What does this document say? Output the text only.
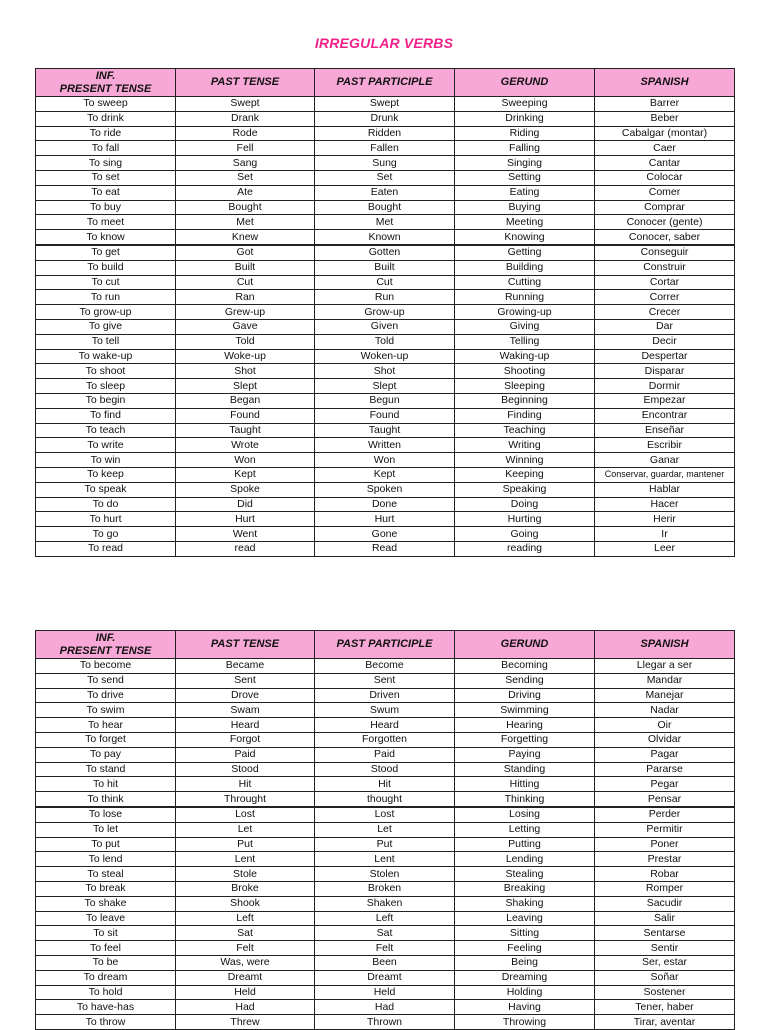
IRREGULAR VERBS
INF.
PRESENT TENSE	PAST TENSE	PAST PARTICIPLE	GERUND	SPANISH
To sweep	Swept	Swept	Sweeping	Barrer
To drink	Drank	Drunk	Drinking	Beber
To ride	Rode	Ridden	Riding	Cabalgar (montar)
To fall	Fell	Fallen	Falling	Caer
To sing	Sang	Sung	Singing	Cantar
To set	Set	Set	Setting	Colocar
To eat	Ate	Eaten	Eating	Comer
To buy	Bought	Bought	Buying	Comprar
To meet	Met	Met	Meeting	Conocer (gente)
To know	Knew	Known	Knowing	Conocer, saber
To get	Got	Gotten	Getting	Conseguir
To build	Built	Built	Building	Construir
To cut	Cut	Cut	Cutting	Cortar
To run	Ran	Run	Running	Correr
To grow-up	Grew-up	Grow-up	Growing-up	Crecer
To give	Gave	Given	Giving	Dar
To tell	Told	Told	Telling	Decir
To wake-up	Woke-up	Woken-up	Waking-up	Despertar
To shoot	Shot	Shot	Shooting	Disparar
To sleep	Slept	Slept	Sleeping	Dormir
To begin	Began	Begun	Beginning	Empezar
To find	Found	Found	Finding	Encontrar
To teach	Taught	Taught	Teaching	Enseñar
To write	Wrote	Written	Writing	Escribir
To win	Won	Won	Winning	Ganar
To keep	Kept	Kept	Keeping	Conservar, guardar, mantener
To speak	Spoke	Spoken	Speaking	Hablar
To do	Did	Done	Doing	Hacer
To hurt	Hurt	Hurt	Hurting	Herir
To go	Went	Gone	Going	Ir
To read	read	Read	reading	Leer
INF.
PRESENT TENSE	PAST TENSE	PAST PARTICIPLE	GERUND	SPANISH
To become	Became	Become	Becoming	Llegar a ser
To send	Sent	Sent	Sending	Mandar
To drive	Drove	Driven	Driving	Manejar
To swim	Swam	Swum	Swimming	Nadar
To hear	Heard	Heard	Hearing	Oir
To forget	Forgot	Forgotten	Forgetting	Olvidar
To pay	Paid	Paid	Paying	Pagar
To stand	Stood	Stood	Standing	Pararse
To hit	Hit	Hit	Hitting	Pegar
To think	Throught	thought	Thinking	Pensar
To lose	Lost	Lost	Losing	Perder
To let	Let	Let	Letting	Permitir
To put	Put	Put	Putting	Poner
To lend	Lent	Lent	Lending	Prestar
To steal	Stole	Stolen	Stealing	Robar
To break	Broke	Broken	Breaking	Romper
To shake	Shook	Shaken	Shaking	Sacudir
To leave	Left	Left	Leaving	Salir
To sit	Sat	Sat	Sitting	Sentarse
To feel	Felt	Felt	Feeling	Sentir
To be	Was, were	Been	Being	Ser, estar
To dream	Dreamt	Dreamt	Dreaming	Soñar
To hold	Held	Held	Holding	Sostener
To have-has	Had	Had	Having	Tener, haber
To throw	Threw	Thrown	Throwing	Tirar, aventar
